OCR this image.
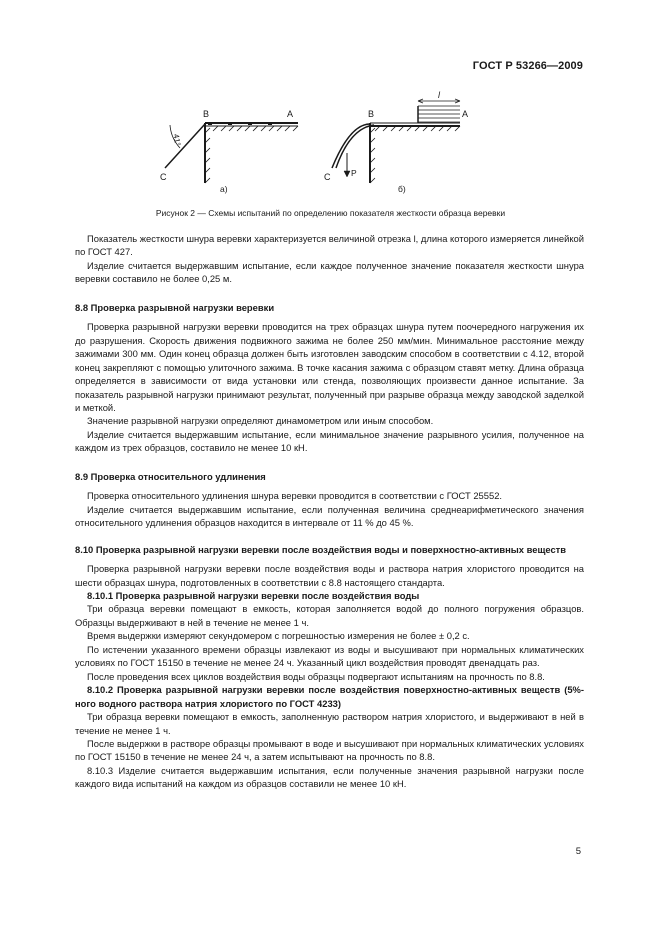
ГОСТ Р 53266—2009
В	А
С
41°
а)
В	А
С
l
P
б)
Рисунок 2 — Схемы испытаний по определению показателя жесткости образца веревки

Показатель жесткости шнура веревки характеризуется величиной отрезка l, длина которого измеряется линейкой по ГОСТ 427.

Изделие считается выдержавшим испытание, если каждое полученное значение показателя жесткости шнура веревки составило не более 0,25 м.

8.8 Проверка разрывной нагрузки веревки

Проверка разрывной нагрузки веревки проводится на трех образцах шнура путем поочередного нагружения их до разрушения. Скорость движения подвижного зажима не более 250 мм/мин. Минимальное расстояние между зажимами 300 мм. Один конец образца должен быть изготовлен заводским способом в соответствии с 4.12, второй конец закрепляют с помощью улиточного зажима. В точке касания зажима с образцом ставят метку. Длина образца определяется в зависимости от вида установки или стенда, позволяющих произвести данное испытание. За показатель разрывной нагрузки принимают результат, полученный при разрыве образца между заводской заделкой и меткой.

Значение разрывной нагрузки определяют динамометром или иным способом.

Изделие считается выдержавшим испытание, если минимальное значение разрывного усилия, полученное на каждом из трех образцов, составило не менее 10 кН.

8.9 Проверка относительного удлинения

Проверка относительного удлинения шнура веревки проводится в соответствии с ГОСТ 25552.

Изделие считается выдержавшим испытание, если полученная величина среднеарифметического значения относительного удлинения образцов находится в интервале от 11 % до 45 %.

8.10 Проверка разрывной нагрузки веревки после воздействия воды и поверхностно-активных веществ

Проверка разрывной нагрузки веревки после воздействия воды и раствора натрия хлористого проводится на шести образцах шнура, подготовленных в соответствии с 8.8 настоящего стандарта.

8.10.1 Проверка разрывной нагрузки веревки после воздействия воды

Три образца веревки помещают в емкость, которая заполняется водой до полного погружения образцов. Образцы выдерживают в ней в течение не менее 1 ч.

Время выдержки измеряют секундомером с погрешностью измерения не более ± 0,2 с.

По истечении указанного времени образцы извлекают из воды и высушивают при нормальных климатических условиях по ГОСТ 15150 в течение не менее 24 ч. Указанный цикл воздействия проводят двенадцать раз.

После проведения всех циклов воздействия воды образцы подвергают испытаниям на прочность по 8.8.

8.10.2 Проверка разрывной нагрузки веревки после воздействия поверхностно-активных веществ (5%-ного водного раствора натрия хлористого по ГОСТ 4233)

Три образца веревки помещают в емкость, заполненную раствором натрия хлористого, и выдерживают в ней в течение не менее 1 ч.

После выдержки в растворе образцы промывают в воде и высушивают при нормальных климатических условиях по ГОСТ 15150 в течение не менее 24 ч, а затем испытывают на прочность по 8.8.

8.10.3 Изделие считается выдержавшим испытания, если полученные значения разрывной нагрузки после каждого вида испытаний на каждом из образцов составили не менее 10 кН.

5
